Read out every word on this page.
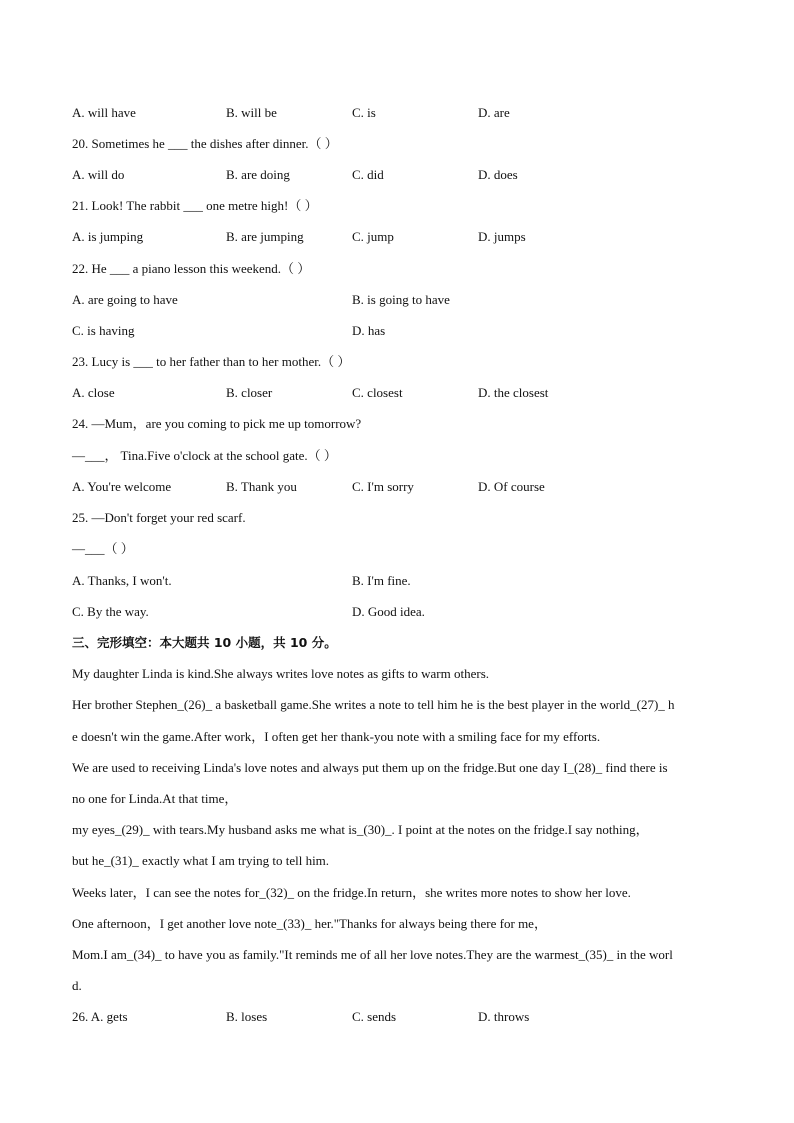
A. will have	B. will be	C. is	D. are
20. Sometimes he ___ the dishes after dinner.（ ）
A. will do	B. are doing	C. did	D. does
21. Look! The rabbit ___ one metre high!（ ）
A. is jumping	B. are jumping	C. jump	D. jumps
22. He ___ a piano lesson this weekend.（ ）
A. are going to have	B. is going to have
C. is having	D. has
23. Lucy is ___ to her father than to her mother.（ ）
A. close	B. closer	C. closest	D. the closest
24. —Mum，are you coming to pick me up tomorrow?
—___， Tina.Five o'clock at the school gate.（ ）
A. You're welcome	B. Thank you	C. I'm sorry	D. Of course
25. —Don't forget your red scarf.
—___（ ）
A. Thanks, I won't.	B. I'm fine.
C. By the way.	D. Good idea.
三、完形填空：本大题共 10 小题，共 10 分。
My daughter Linda is kind.She always writes love notes as gifts to warm others.
Her brother Stephen_(26)_ a basketball game.She writes a note to tell him he is the best player in the world_(27)_ h
e doesn't win the game.After work，I often get her thank-you note with a smiling face for my efforts.
We are used to receiving Linda's love notes and always put them up on the fridge.But one day I_(28)_ find there is
no one for Linda.At that time，
my eyes_(29)_ with tears.My husband asks me what is_(30)_. I point at the notes on the fridge.I say nothing，
but he_(31)_ exactly what I am trying to tell him.
Weeks later，I can see the notes for_(32)_ on the fridge.In return，she writes more notes to show her love.
One afternoon，I get another love note_(33)_ her."Thanks for always being there for me，
Mom.I am_(34)_ to have you as family."It reminds me of all her love notes.They are the warmest_(35)_ in the worl
d.
26. A. gets	B. loses	C. sends	D. throws
